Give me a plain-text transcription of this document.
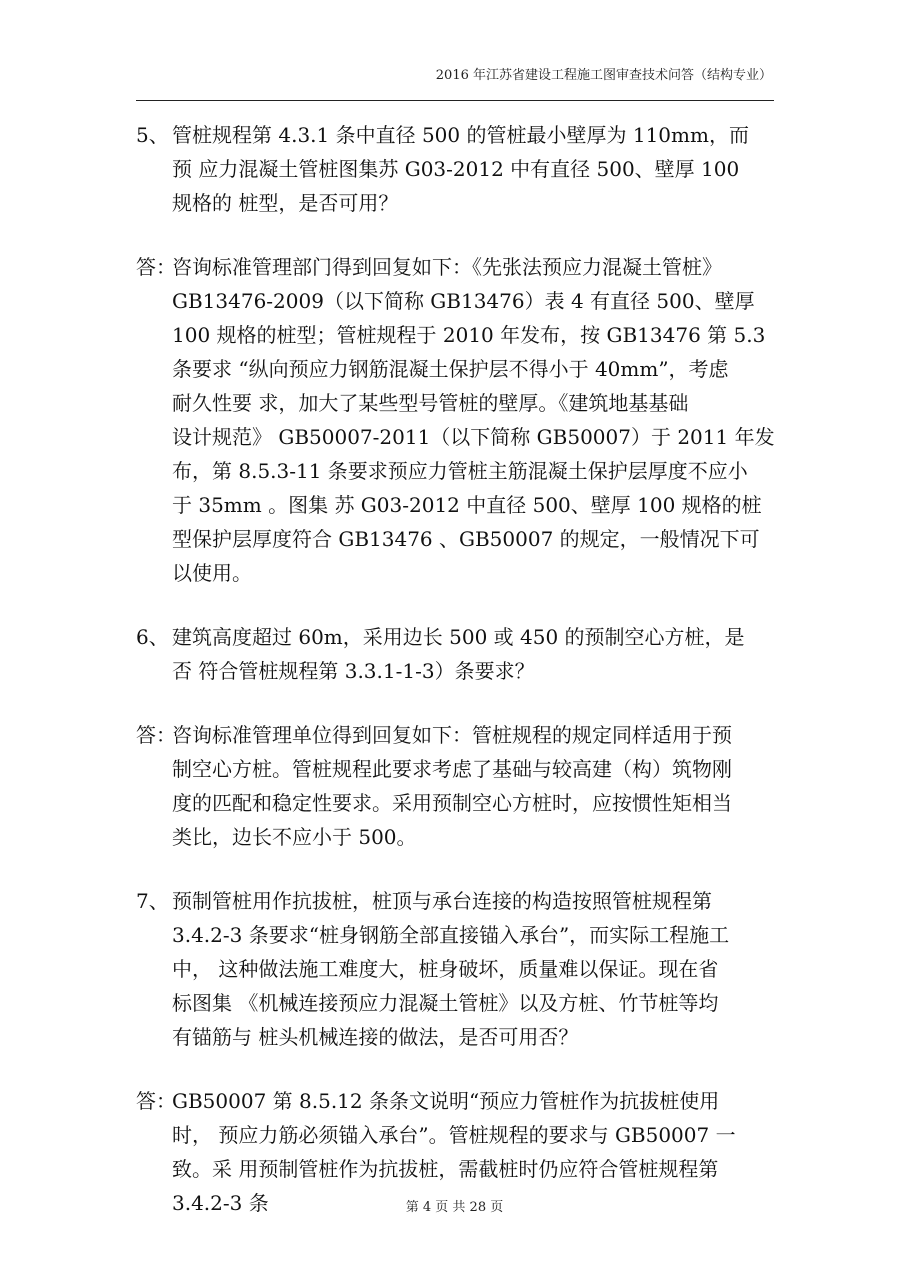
2016 年江苏省建设工程施工图审查技术问答（结构专业）
5、 管桩规程第 4.3.1 条中直径 500 的管桩最小壁厚为 110mm，而
预 应力混凝土管桩图集苏 G03-2012 中有直径 500、壁厚 100
规格的 桩型，是否可用？
答：
咨询标准管理部门得到回复如下：《先张法预应力混凝土管桩》
GB13476-2009（以下简称 GB13476）表 4 有直径 500、壁厚
100 规格的桩型；管桩规程于 2010 年发布，按 GB13476 第 5.3
条要求 “纵向预应力钢筋混凝土保护层不得小于 40mm”，考虑
耐久性要 求，加大了某些型号管桩的壁厚。《建筑地基基础
设计规范》 GB50007-2011（以下简称 GB50007）于 2011 年发
布，第 8.5.3-11 条要求预应力管桩主筋混凝土保护层厚度不应小
于 35mm 。图集 苏 G03-2012 中直径 500、壁厚 100 规格的桩
型保护层厚度符合 GB13476 、GB50007 的规定，一般情况下可
以使用。
6、 建筑高度超过 60m，采用边长 500 或 450 的预制空心方桩，是
否 符合管桩规程第 3.3.1-1-3）条要求？
答：
咨询标准管理单位得到回复如下：管桩规程的规定同样适用于预
制空心方桩。管桩规程此要求考虑了基础与较高建（构）筑物刚
度的匹配和稳定性要求。采用预制空心方桩时，应按惯性矩相当
类比，边长不应小于 500。
7、 预制管桩用作抗拔桩，桩顶与承台连接的构造按照管桩规程第
3.4.2-3 条要求“桩身钢筋全部直接锚入承台”，而实际工程施工
中， 这种做法施工难度大，桩身破坏，质量难以保证。现在省
标图集 《机械连接预应力混凝土管桩》以及方桩、竹节桩等均
有锚筋与 桩头机械连接的做法，是否可用否？
答：
GB50007 第 8.5.12 条条文说明“预应力管桩作为抗拔桩使用
时， 预应力筋必须锚入承台”。管桩规程的要求与 GB50007 一
致。采 用预制管桩作为抗拔桩，需截桩时仍应符合管桩规程第
3.4.2-3 条	第 4 页 共 28 页
